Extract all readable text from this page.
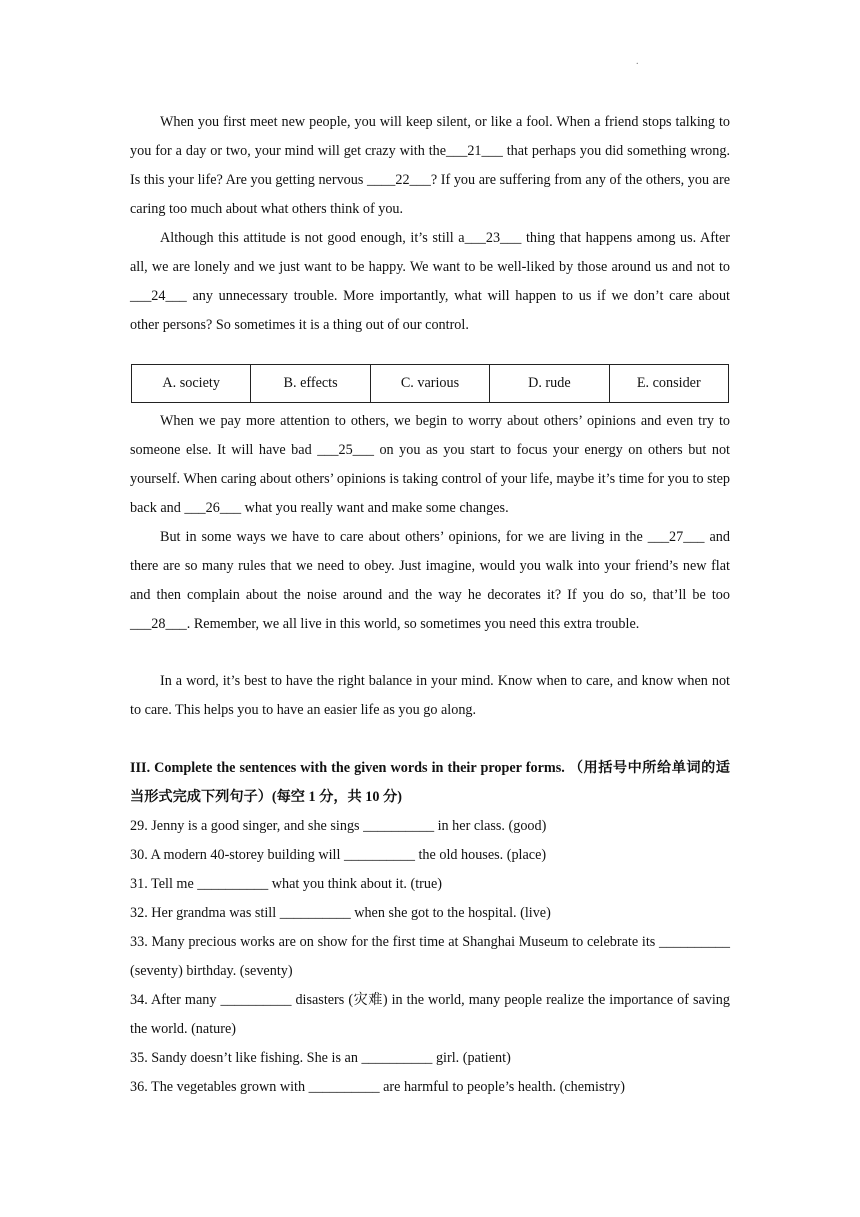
.

When you first meet new people, you will keep silent, or like a fool. When a friend stops talking to you for a day or two, your mind will get crazy with the___21___ that perhaps you did something wrong. Is this your life? Are you getting nervous ____22___? If you are suffering from any of the others, you are caring too much about what others think of you.

Although this attitude is not good enough, it’s still a___23___ thing that happens among us. After all, we are lonely and we just want to be happy. We want to be well-liked by those around us and not to ___24___ any unnecessary trouble. More importantly, what will happen to us if we don’t care about other persons? So sometimes it is a thing out of our control.

A. society	B. effects	C. various	D. rude	E. consider

When we pay more attention to others, we begin to worry about others’ opinions and even try to someone else. It will have bad ___25___ on you as you start to focus your energy on others but not yourself. When caring about others’ opinions is taking control of your life, maybe it’s time for you to step back and ___26___ what you really want and make some changes.

But in some ways we have to care about others’ opinions, for we are living in the ___27___ and there are so many rules that we need to obey. Just imagine, would you walk into your friend’s new flat and then complain about the noise around and the way he decorates it? If you do so, that’ll be too ___28___. Remember, we all live in this world, so sometimes you need this extra trouble.

In a word, it’s best to have the right balance in your mind. Know when to care, and know when not to care. This helps you to have an easier life as you go along.

III. Complete the sentences with the given words in their proper forms. （用括号中所给单词的适当形式完成下列句子）(每空 1 分，共 10 分)

29. Jenny is a good singer, and she sings __________ in her class. (good)

30. A modern 40-storey building will __________ the old houses. (place)

31. Tell me __________ what you think about it. (true)

32. Her grandma was still __________ when she got to the hospital. (live)

33. Many precious works are on show for the first time at Shanghai Museum to celebrate its __________ (seventy) birthday. (seventy)

34. After many __________ disasters (灾难) in the world, many people realize the importance of saving the world. (nature)

35. Sandy doesn’t like fishing. She is an __________ girl. (patient)

36. The vegetables grown with __________ are harmful to people’s health. (chemistry)
